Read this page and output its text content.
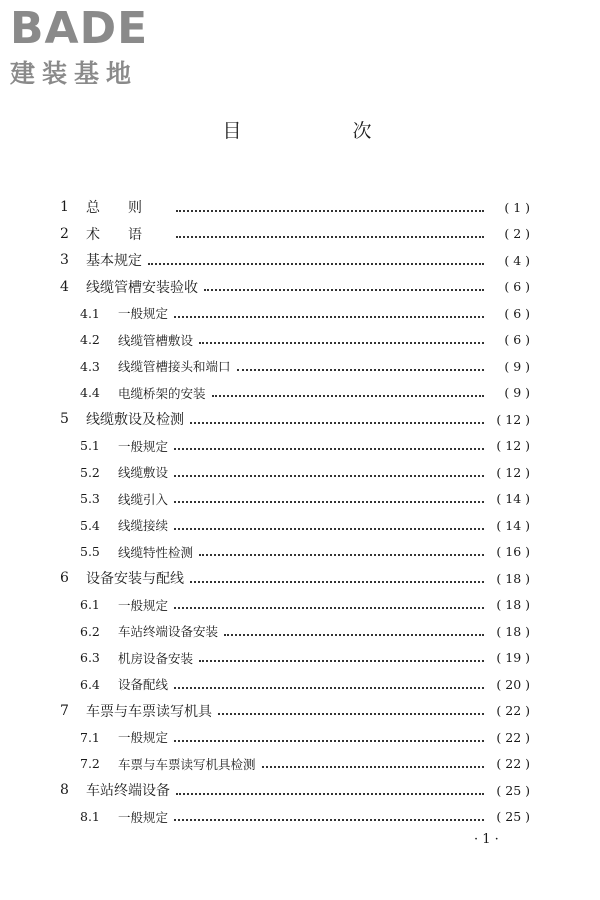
BADE
建装基地
目　次
1	总则	( 1 )
2	术语	( 2 )
3	基本规定	( 4 )
4	线缆管槽安装验收	( 6 )
4.1	一般规定	( 6 )
4.2	线缆管槽敷设	( 6 )
4.3	线缆管槽接头和端口	( 9 )
4.4	电缆桥架的安装	( 9 )
5	线缆敷设及检测	( 12 )
5.1	一般规定	( 12 )
5.2	线缆敷设	( 12 )
5.3	线缆引入	( 14 )
5.4	线缆接续	( 14 )
5.5	线缆特性检测	( 16 )
6	设备安装与配线	( 18 )
6.1	一般规定	( 18 )
6.2	车站终端设备安装	( 18 )
6.3	机房设备安装	( 19 )
6.4	设备配线	( 20 )
7	车票与车票读写机具	( 22 )
7.1	一般规定	( 22 )
7.2	车票与车票读写机具检测	( 22 )
8	车站终端设备	( 25 )
8.1	一般规定	( 25 )
· 1 ·
